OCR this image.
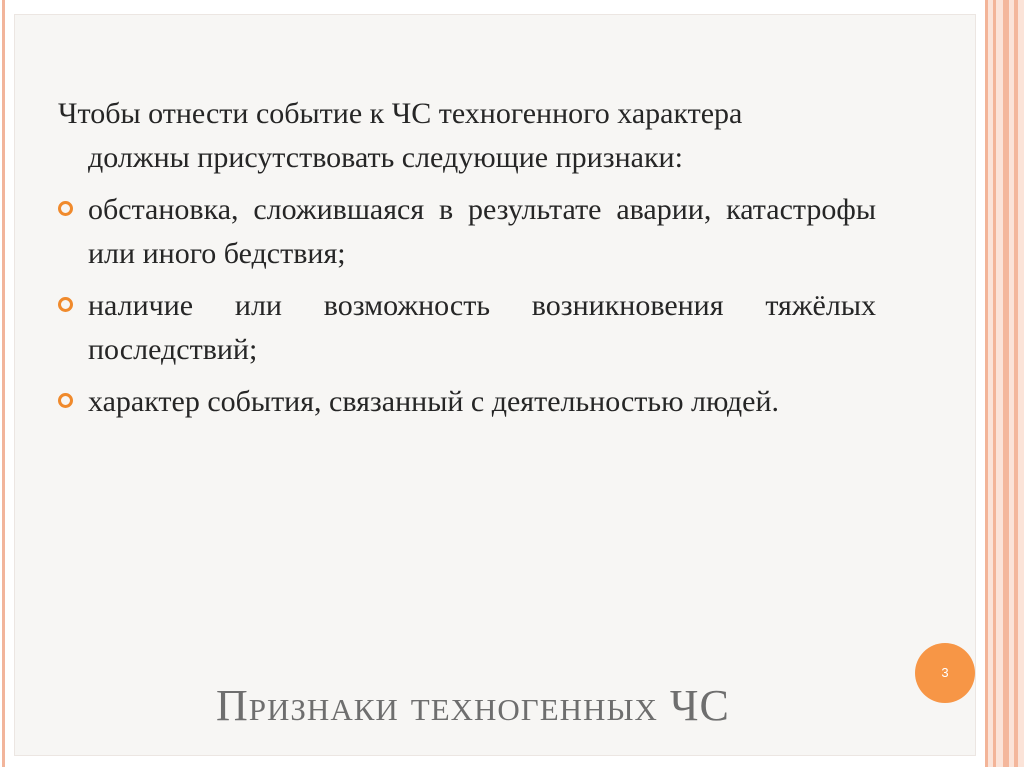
Чтобы отнести событие к ЧС техногенного характера
должны присутствовать следующие признаки:

обстановка, сложившаяся в результате аварии, катастрофы или иного бедствия;
наличие или возможность возникновения тяжёлых последствий;
характер события, связанный с деятельностью людей.
3
Признаки техногенных ЧС
